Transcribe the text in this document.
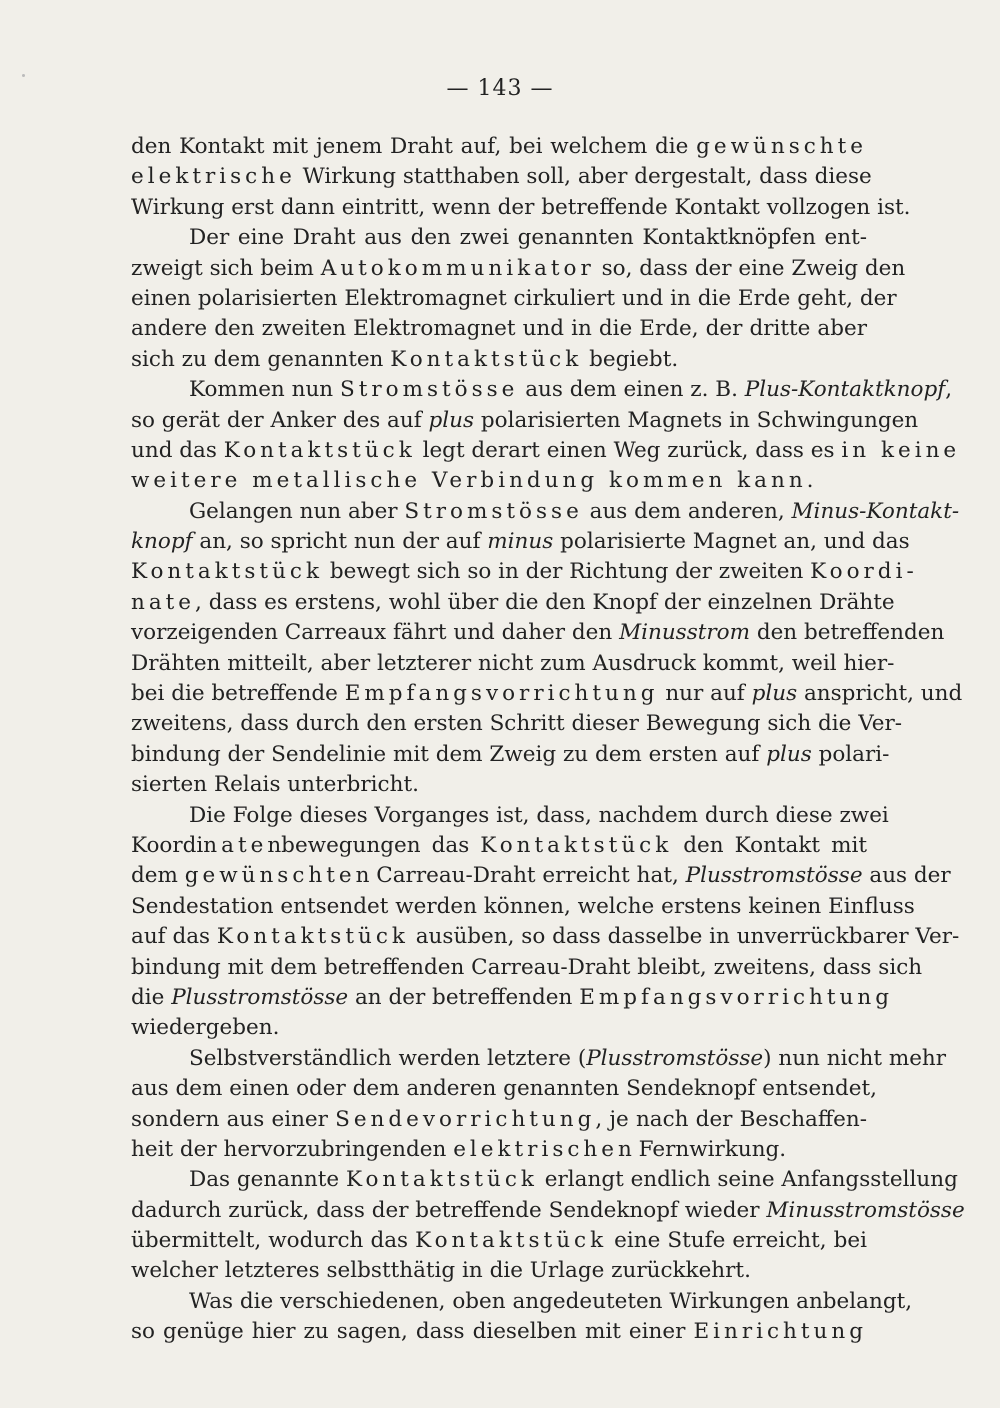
— 143 —
den Kontakt mit jenem Draht auf, bei welchem die gewünschte
elektrische Wirkung statthaben soll, aber dergestalt, dass diese
Wirkung erst dann eintritt, wenn der betreffende Kontakt vollzogen ist.
Der eine Draht aus den zwei genannten Kontaktknöpfen ent-
zweigt sich beim Autokommunikator so, dass der eine Zweig den
einen polarisierten Elektromagnet cirkuliert und in die Erde geht, der
andere den zweiten Elektromagnet und in die Erde, der dritte aber
sich zu dem genannten Kontaktstück begiebt.
Kommen nun Stromstösse aus dem einen z. B. Plus-Kontaktknopf,
so gerät der Anker des auf plus polarisierten Magnets in Schwingungen
und das Kontaktstück legt derart einen Weg zurück, dass es in keine
weitere metallische Verbindung kommen kann.
Gelangen nun aber Stromstösse aus dem anderen, Minus-Kontakt-
knopf an, so spricht nun der auf minus polarisierte Magnet an, und das
Kontaktstück bewegt sich so in der Richtung der zweiten Koordi-
nate, dass es erstens, wohl über die den Knopf der einzelnen Drähte
vorzeigenden Carreaux fährt und daher den Minusstrom den betreffenden
Drähten mitteilt, aber letzterer nicht zum Ausdruck kommt, weil hier-
bei die betreffende Empfangsvorrichtung nur auf plus anspricht, und
zweitens, dass durch den ersten Schritt dieser Bewegung sich die Ver-
bindung der Sendelinie mit dem Zweig zu dem ersten auf plus polari-
sierten Relais unterbricht.
Die Folge dieses Vorganges ist, dass, nachdem durch diese zwei
Koordinatenbewegungen das Kontaktstück den Kontakt mit
dem gewünschten Carreau-Draht erreicht hat, Plusstromstösse aus der
Sendestation entsendet werden können, welche erstens keinen Einfluss
auf das Kontaktstück ausüben, so dass dasselbe in unverrückbarer Ver-
bindung mit dem betreffenden Carreau-Draht bleibt, zweitens, dass sich
die Plusstromstösse an der betreffenden Empfangsvorrichtung
wiedergeben.
Selbstverständlich werden letztere (Plusstromstösse) nun nicht mehr
aus dem einen oder dem anderen genannten Sendeknopf entsendet,
sondern aus einer Sendevorrichtung, je nach der Beschaffen-
heit der hervorzubringenden elektrischen Fernwirkung.
Das genannte Kontaktstück erlangt endlich seine Anfangsstellung
dadurch zurück, dass der betreffende Sendeknopf wieder Minusstromstösse
übermittelt, wodurch das Kontaktstück eine Stufe erreicht, bei
welcher letzteres selbstthätig in die Urlage zurückkehrt.
Was die verschiedenen, oben angedeuteten Wirkungen anbelangt,
so genüge hier zu sagen, dass dieselben mit einer Einrichtung
